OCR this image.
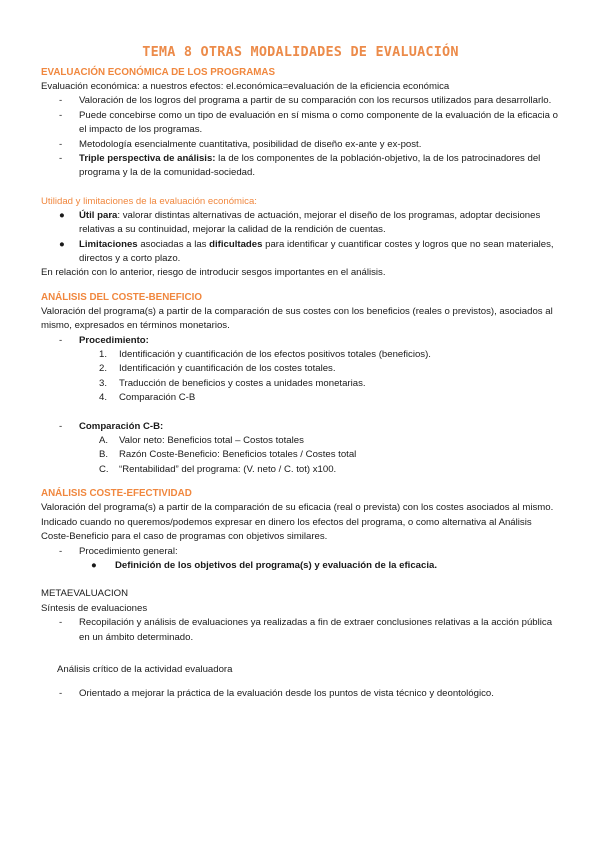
TEMA 8 OTRAS MODALIDADES DE EVALUACIÓN

EVALUACIÓN ECONÓMICA DE LOS PROGRAMAS

Evaluación económica: a nuestros efectos: el.económica=evaluación de la eficiencia económica

- Valoración de los logros del programa a partir de su comparación con los recursos utilizados para desarrollarlo.
- Puede concebirse como un tipo de evaluación en sí misma o como componente de la evaluación de la eficacia o el impacto de los programas.
- Metodología esencialmente cuantitativa, posibilidad de diseño ex-ante y ex-post.
- Triple perspectiva de análisis: la de los componentes de la población-objetivo, la de los patrocinadores del programa y la de la comunidad-sociedad.

Utilidad y limitaciones de la evaluación económica:

● Útil para: valorar distintas alternativas de actuación, mejorar el diseño de los programas, adoptar decisiones relativas a su continuidad, mejorar la calidad de la rendición de cuentas.
● Limitaciones asociadas a las dificultades para identificar y cuantificar costes y logros que no sean materiales, directos y a corto plazo.

En relación con lo anterior, riesgo de introducir sesgos importantes en el análisis.

ANÁLISIS DEL COSTE-BENEFICIO

Valoración del programa(s) a partir de la comparación de sus costes con los beneficios (reales o previstos), asociados al mismo, expresados en términos monetarios.

- Procedimiento:
1. Identificación y cuantificación de los efectos positivos totales (beneficios).
2. Identificación y cuantificación de los costes totales.
3. Traducción de beneficios y costes a unidades monetarias.
4. Comparación C-B
- Comparación C-B:
A. Valor neto: Beneficios total – Costos totales
B. Razón Coste-Beneficio: Beneficios totales / Costes total
C. “Rentabilidad” del programa: (V. neto / C. tot) x100.

ANÁLISIS COSTE-EFECTIVIDAD

Valoración del programa(s) a partir de la comparación de su eficacia (real o prevista) con los costes asociados al mismo.

Indicado cuando no queremos/podemos expresar en dinero los efectos del programa, o como alternativa al Análisis Coste-Beneficio para el caso de programas con objetivos similares.

- Procedimiento general:
● Definición de los objetivos del programa(s) y evaluación de la eficacia.

METAEVALUACION

Síntesis de evaluaciones

- Recopilación y análisis de evaluaciones ya realizadas a fin de extraer conclusiones relativas a la acción pública en un ámbito determinado.

Análisis crítico de la actividad evaluadora

- Orientado a mejorar la práctica de la evaluación desde los puntos de vista técnico y deontológico.
